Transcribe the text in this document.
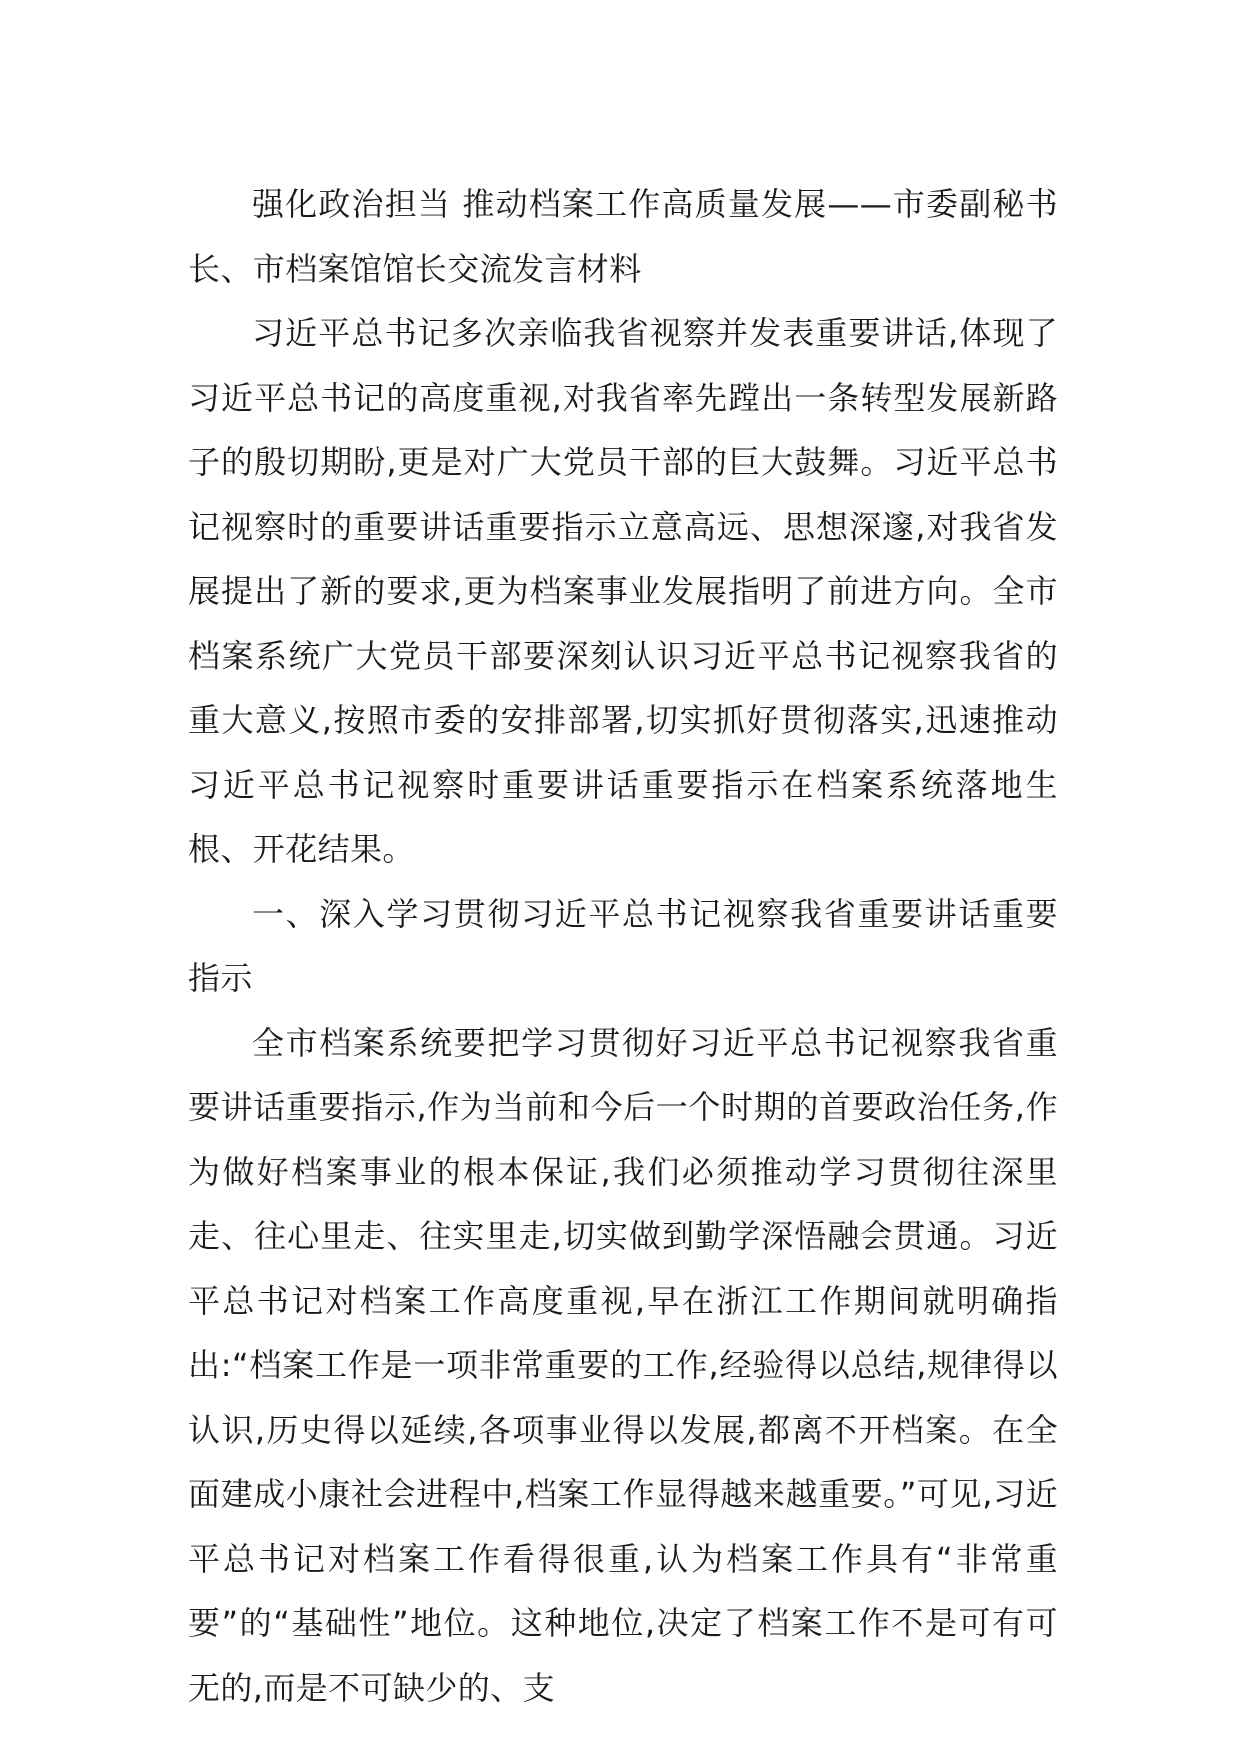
强化政治担当 推动档案工作高质量发展——市委副秘书长、市档案馆馆长交流发言材料

习近平总书记多次亲临我省视察并发表重要讲话,体现了习近平总书记的高度重视,对我省率先蹚出一条转型发展新路子的殷切期盼,更是对广大党员干部的巨大鼓舞。习近平总书记视察时的重要讲话重要指示立意高远、思想深邃,对我省发展提出了新的要求,更为档案事业发展指明了前进方向。全市档案系统广大党员干部要深刻认识习近平总书记视察我省的重大意义,按照市委的安排部署,切实抓好贯彻落实,迅速推动习近平总书记视察时重要讲话重要指示在档案系统落地生根、开花结果。

一、深入学习贯彻习近平总书记视察我省重要讲话重要指示

全市档案系统要把学习贯彻好习近平总书记视察我省重要讲话重要指示,作为当前和今后一个时期的首要政治任务,作为做好档案事业的根本保证,我们必须推动学习贯彻往深里走、往心里走、往实里走,切实做到勤学深悟融会贯通。习近平总书记对档案工作高度重视,早在浙江工作期间就明确指出:“档案工作是一项非常重要的工作,经验得以总结,规律得以认识,历史得以延续,各项事业得以发展,都离不开档案。在全面建成小康社会进程中,档案工作显得越来越重要。”可见,习近平总书记对档案工作看得很重,认为档案工作具有“非常重要”的“基础性”地位。这种地位,决定了档案工作不是可有可无的,而是不可缺少的、支
